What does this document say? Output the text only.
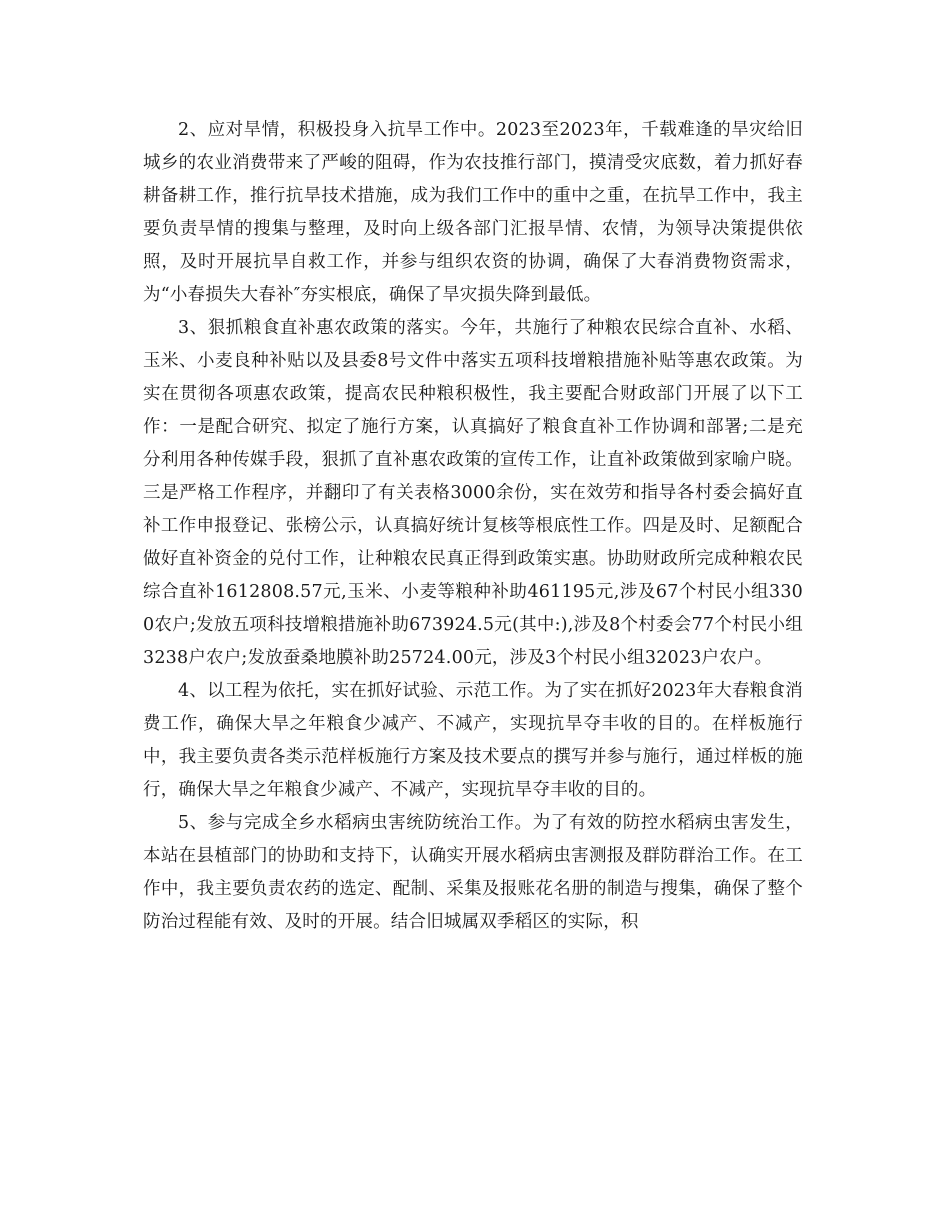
2、应对旱情，积极投身入抗旱工作中。2023至2023年，千载难逢的旱灾给旧城乡的农业消费带来了严峻的阻碍，作为农技推行部门，摸清受灾底数，着力抓好春耕备耕工作，推行抗旱技术措施，成为我们工作中的重中之重，在抗旱工作中，我主要负责旱情的搜集与整理，及时向上级各部门汇报旱情、农情，为领导决策提供依照，及时开展抗旱自救工作，并参与组织农资的协调，确保了大春消费物资需求，为“小春损失大春补″夯实根底，确保了旱灾损失降到最低。

3、狠抓粮食直补惠农政策的落实。今年，共施行了种粮农民综合直补、水稻、玉米、小麦良种补贴以及县委8号文件中落实五项科技增粮措施补贴等惠农政策。为实在贯彻各项惠农政策，提高农民种粮积极性，我主要配合财政部门开展了以下工作：一是配合研究、拟定了施行方案，认真搞好了粮食直补工作协调和部署;二是充分利用各种传媒手段，狠抓了直补惠农政策的宣传工作，让直补政策做到家喻户晓。三是严格工作程序，并翻印了有关表格3000余份，实在效劳和指导各村委会搞好直补工作申报登记、张榜公示，认真搞好统计复核等根底性工作。四是及时、足额配合做好直补资金的兑付工作，让种粮农民真正得到政策实惠。协助财政所完成种粮农民综合直补1612808.57元,玉米、小麦等粮种补助461195元,涉及67个村民小组3300农户;发放五项科技增粮措施补助673924.5元(其中:),涉及8个村委会77个村民小组3238户农户;发放蚕桑地膜补助25724.00元，涉及3个村民小组32023户农户。

4、以工程为依托，实在抓好试验、示范工作。为了实在抓好2023年大春粮食消费工作，确保大旱之年粮食少减产、不减产，实现抗旱夺丰收的目的。在样板施行中，我主要负责各类示范样板施行方案及技术要点的撰写并参与施行，通过样板的施行，确保大旱之年粮食少减产、不减产，实现抗旱夺丰收的目的。

5、参与完成全乡水稻病虫害统防统治工作。为了有效的防控水稻病虫害发生，本站在县植部门的协助和支持下，认确实开展水稻病虫害测报及群防群治工作。在工作中，我主要负责农药的选定、配制、采集及报账花名册的制造与搜集，确保了整个防治过程能有效、及时的开展。结合旧城属双季稻区的实际，积
